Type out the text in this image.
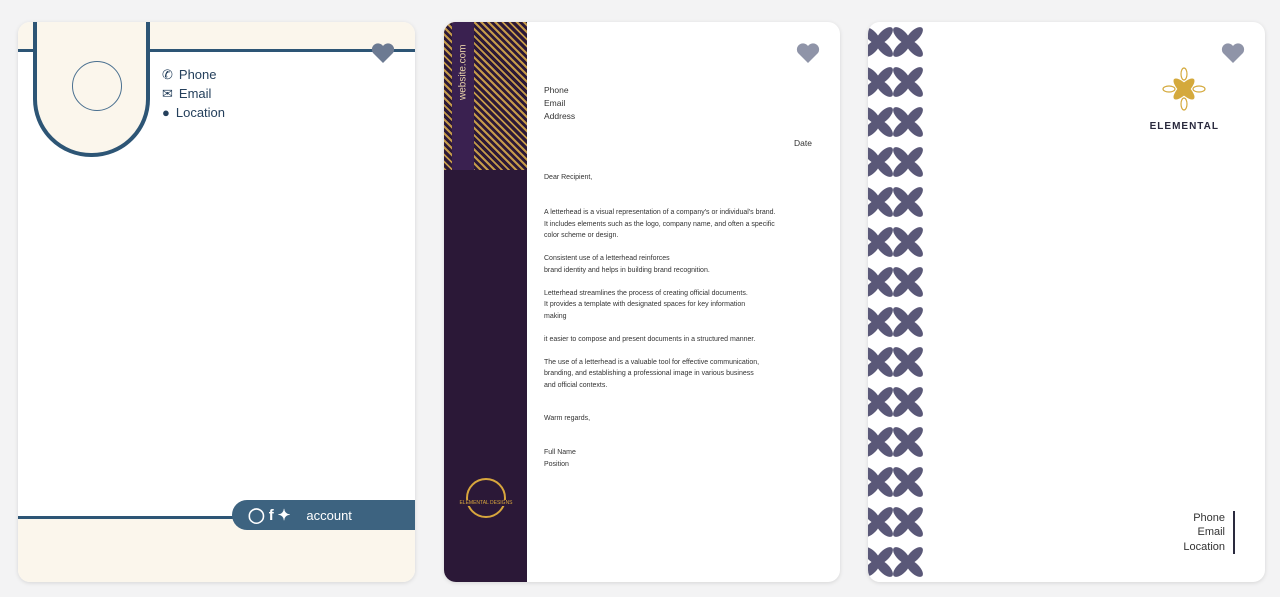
✆ Phone
✉ Email
● Location
◯ f ✦ account
website.com
ELEMENTAL DESIGNS
Phone
Email
Address
Date
Dear Recipient,
A letterhead is a visual representation of a company's or individual's brand.
It includes elements such as the logo, company name, and often a specific
color scheme or design.

Consistent use of a letterhead reinforces
brand identity and helps in building brand recognition.

Letterhead streamlines the process of creating official documents.
It provides a template with designated spaces for key information
making

it easier to compose and present documents in a structured manner.

The use of a letterhead is a valuable tool for effective communication,
branding, and establishing a professional image in various business
and official contexts.
Warm regards,
Full Name
Position
ELEMENTAL
Phone
Email
Location
